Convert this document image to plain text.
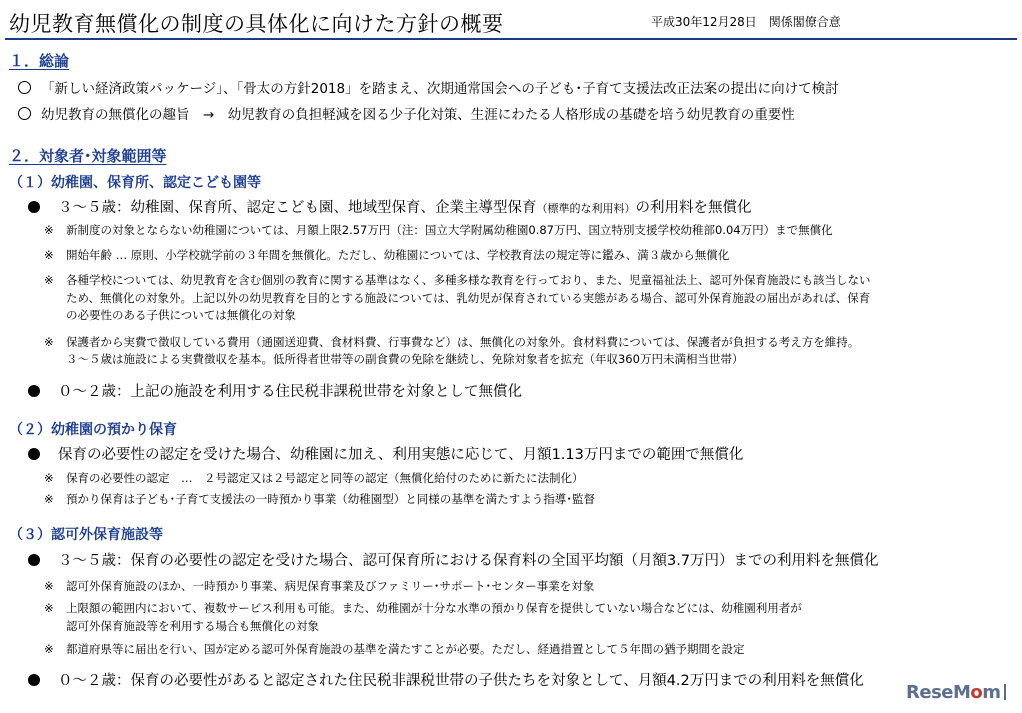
幼児教育無償化の制度の具体化に向けた方針の概要	平成30年12月28日　関係閣僚合意
１．総論
「新しい経済政策パッケージ」、「骨太の方針2018」を踏まえ、次期通常国会への子ども･子育て支援法改正法案の提出に向けて検討
幼児教育の無償化の趣旨　→　幼児教育の負担軽減を図る少子化対策、生涯にわたる人格形成の基礎を培う幼児教育の重要性
２．対象者･対象範囲等
（１）幼稚園、保育所、認定こども園等
３～５歳：幼稚園、保育所、認定こども園、地域型保育、企業主導型保育（標準的な利用料）の利用料を無償化
※ 新制度の対象とならない幼稚園については、月額上限2.57万円（注：国立大学附属幼稚園0.87万円、国立特別支援学校幼稚部0.04万円）まで無償化
※ 開始年齢 … 原則、小学校就学前の３年間を無償化。ただし、幼稚園については、学校教育法の規定等に鑑み、満３歳から無償化
※ 各種学校については、幼児教育を含む個別の教育に関する基準はなく、多種多様な教育を行っており、また、児童福祉法上、認可外保育施設にも該当しない
ため、無償化の対象外。上記以外の幼児教育を目的とする施設については、乳幼児が保育されている実態がある場合、認可外保育施設の届出があれば、保育
の必要性のある子供については無償化の対象
※ 保護者から実費で徴収している費用（通園送迎費、食材料費、行事費など）は、無償化の対象外。食材料費については、保護者が負担する考え方を維持。
３～５歳は施設による実費徴収を基本。低所得者世帯等の副食費の免除を継続し、免除対象者を拡充（年収360万円未満相当世帯）
０～２歳：上記の施設を利用する住民税非課税世帯を対象として無償化
（２）幼稚園の預かり保育
保育の必要性の認定を受けた場合、幼稚園に加え、利用実態に応じて、月額1.13万円までの範囲で無償化
※ 保育の必要性の認定　…　２号認定又は２号認定と同等の認定（無償化給付のために新たに法制化）
※ 預かり保育は子ども･子育て支援法の一時預かり事業（幼稚園型）と同様の基準を満たすよう指導･監督
（３）認可外保育施設等
３～５歳：保育の必要性の認定を受けた場合、認可保育所における保育料の全国平均額（月額3.7万円）までの利用料を無償化
※ 認可外保育施設のほか、一時預かり事業、病児保育事業及びファミリー･サポート･センター事業を対象
※ 上限額の範囲内において、複数サービス利用も可能。また、幼稚園が十分な水準の預かり保育を提供していない場合などには、幼稚園利用者が
認可外保育施設等を利用する場合も無償化の対象
※ 都道府県等に届出を行い、国が定める認可外保育施設の基準を満たすことが必要。ただし、経過措置として５年間の猶予期間を設定
０～２歳：保育の必要性があると認定された住民税非課税世帯の子供たちを対象として、月額4.2万円までの利用料を無償化
ReseMom
